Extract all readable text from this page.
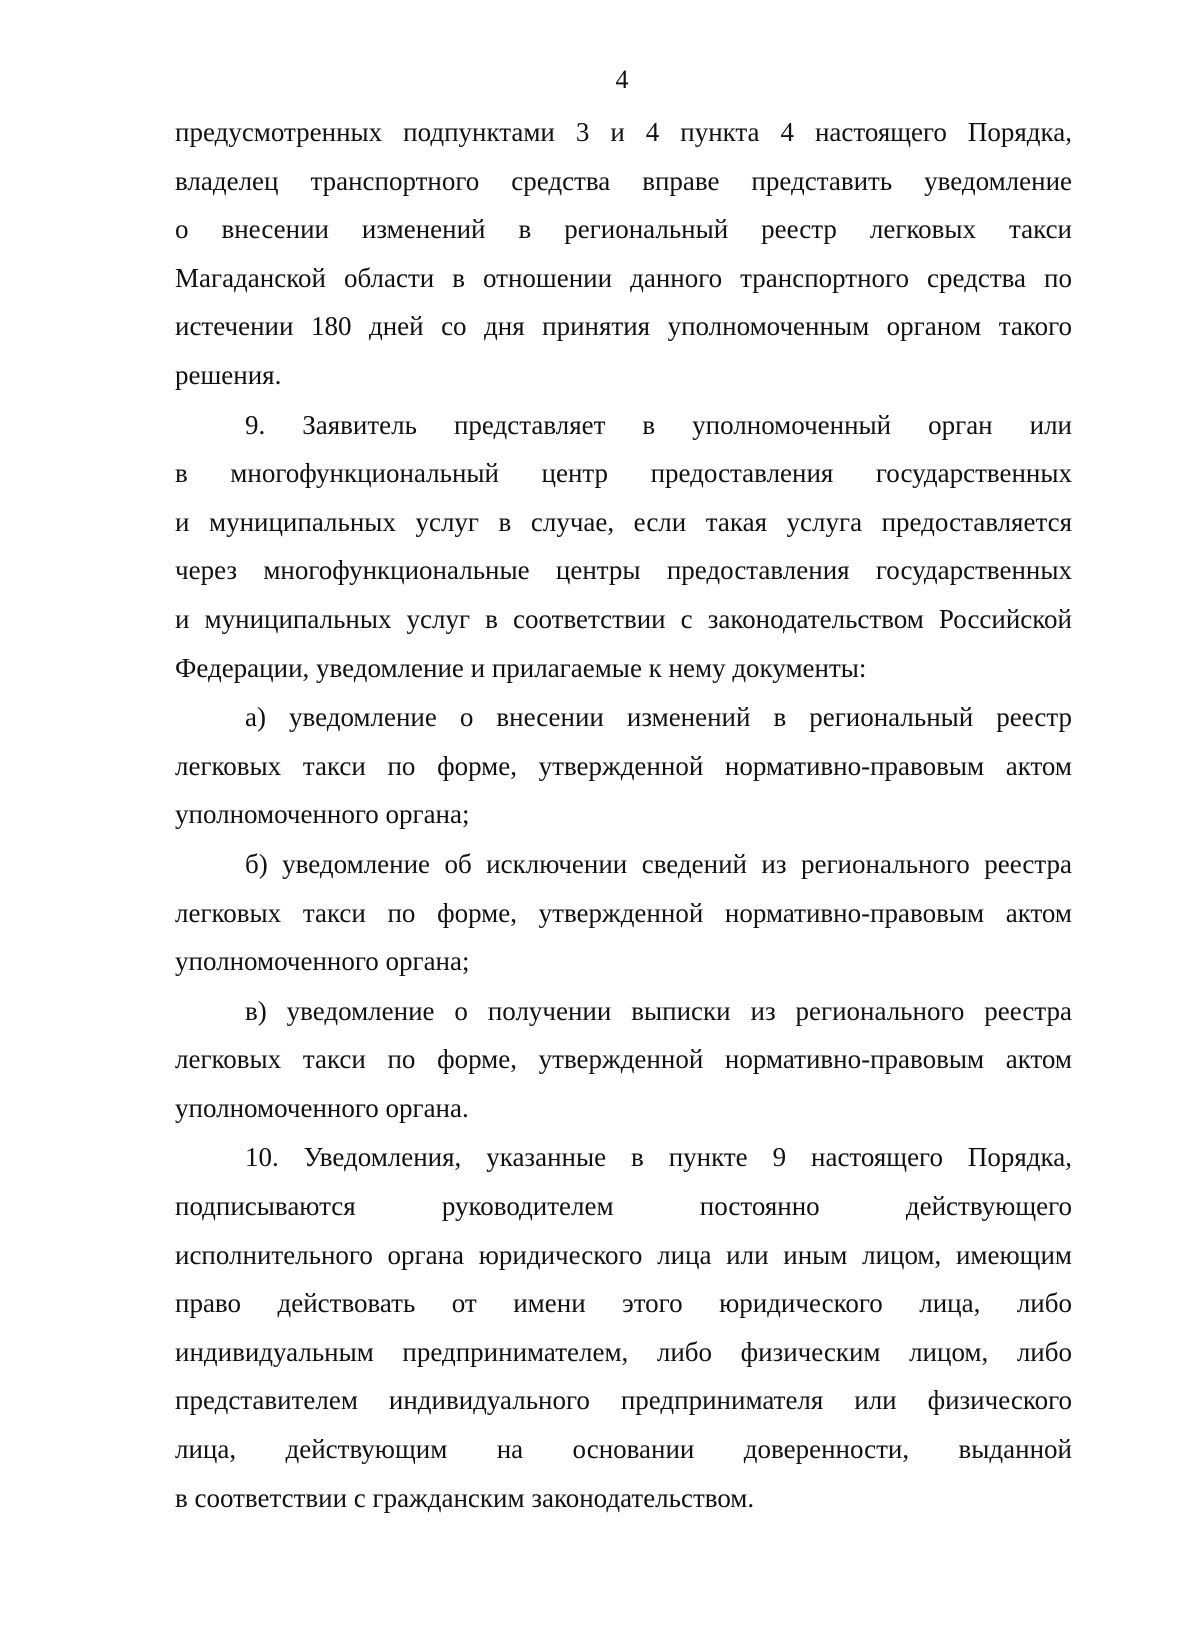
4
предусмотренных подпунктами 3 и 4 пункта 4 настоящего Порядка,
владелец транспортного средства вправе представить уведомление
о внесении изменений в региональный реестр легковых такси
Магаданской области в отношении данного транспортного средства по
истечении 180 дней со дня принятия уполномоченным органом такого
решения.
9. Заявитель представляет в уполномоченный орган или
в многофункциональный центр предоставления государственных
и муниципальных услуг в случае, если такая услуга предоставляется
через многофункциональные центры предоставления государственных
и муниципальных услуг в соответствии с законодательством Российской
Федерации, уведомление и прилагаемые к нему документы:
а) уведомление о внесении изменений в региональный реестр
легковых такси по форме, утвержденной нормативно-правовым актом
уполномоченного органа;
б) уведомление об исключении сведений из регионального реестра
легковых такси по форме, утвержденной нормативно-правовым актом
уполномоченного органа;
в) уведомление о получении выписки из регионального реестра
легковых такси по форме, утвержденной нормативно-правовым актом
уполномоченного органа.
10. Уведомления, указанные в пункте 9 настоящего Порядка,
подписываются руководителем постоянно действующего
исполнительного органа юридического лица или иным лицом, имеющим
право действовать от имени этого юридического лица, либо
индивидуальным предпринимателем, либо физическим лицом, либо
представителем индивидуального предпринимателя или физического
лица, действующим на основании доверенности, выданной
в соответствии с гражданским законодательством.
